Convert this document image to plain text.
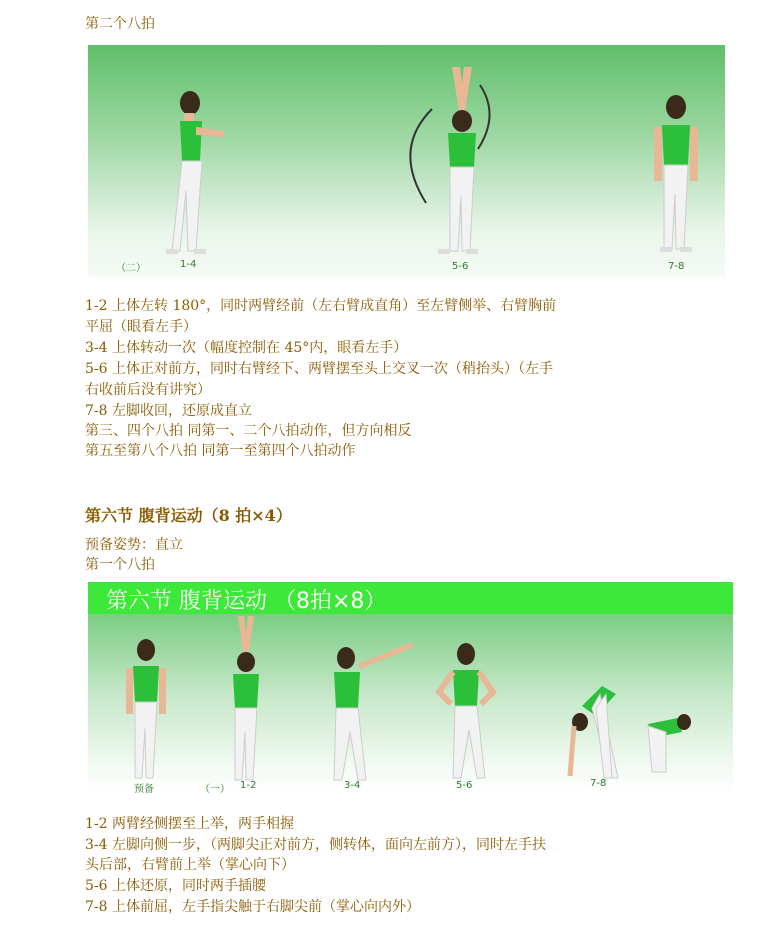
第二个八拍
（二）	1-4	5-6	7-8
1-2 上体左转 180°，同时两臂经前（左右臂成直角）至左臂侧举、右臂胸前
平屈（眼看左手）
3-4 上体转动一次（幅度控制在 45°内，眼看左手）
5-6 上体正对前方，同时右臂经下、两臂摆至头上交叉一次（稍抬头）（左手
右收前后没有讲究）
7-8 左脚收回，还原成直立
第三、四个八拍 同第一、二个八拍动作，但方向相反
第五至第八个八拍 同第一至第四个八拍动作
第六节 腹背运动（8 拍×4）
预备姿势：直立
第一个八拍
第六节 腹背运动 （8拍×8）
预备	（一） 1-2	3-4	5-6	7-8
1-2 两臂经侧摆至上举，两手相握
3-4 左脚向侧一步，（两脚尖正对前方，侧转体，面向左前方），同时左手扶
头后部，右臂前上举（掌心向下）
5-6 上体还原，同时两手插腰
7-8 上体前屈，左手指尖触于右脚尖前（掌心向内外）
